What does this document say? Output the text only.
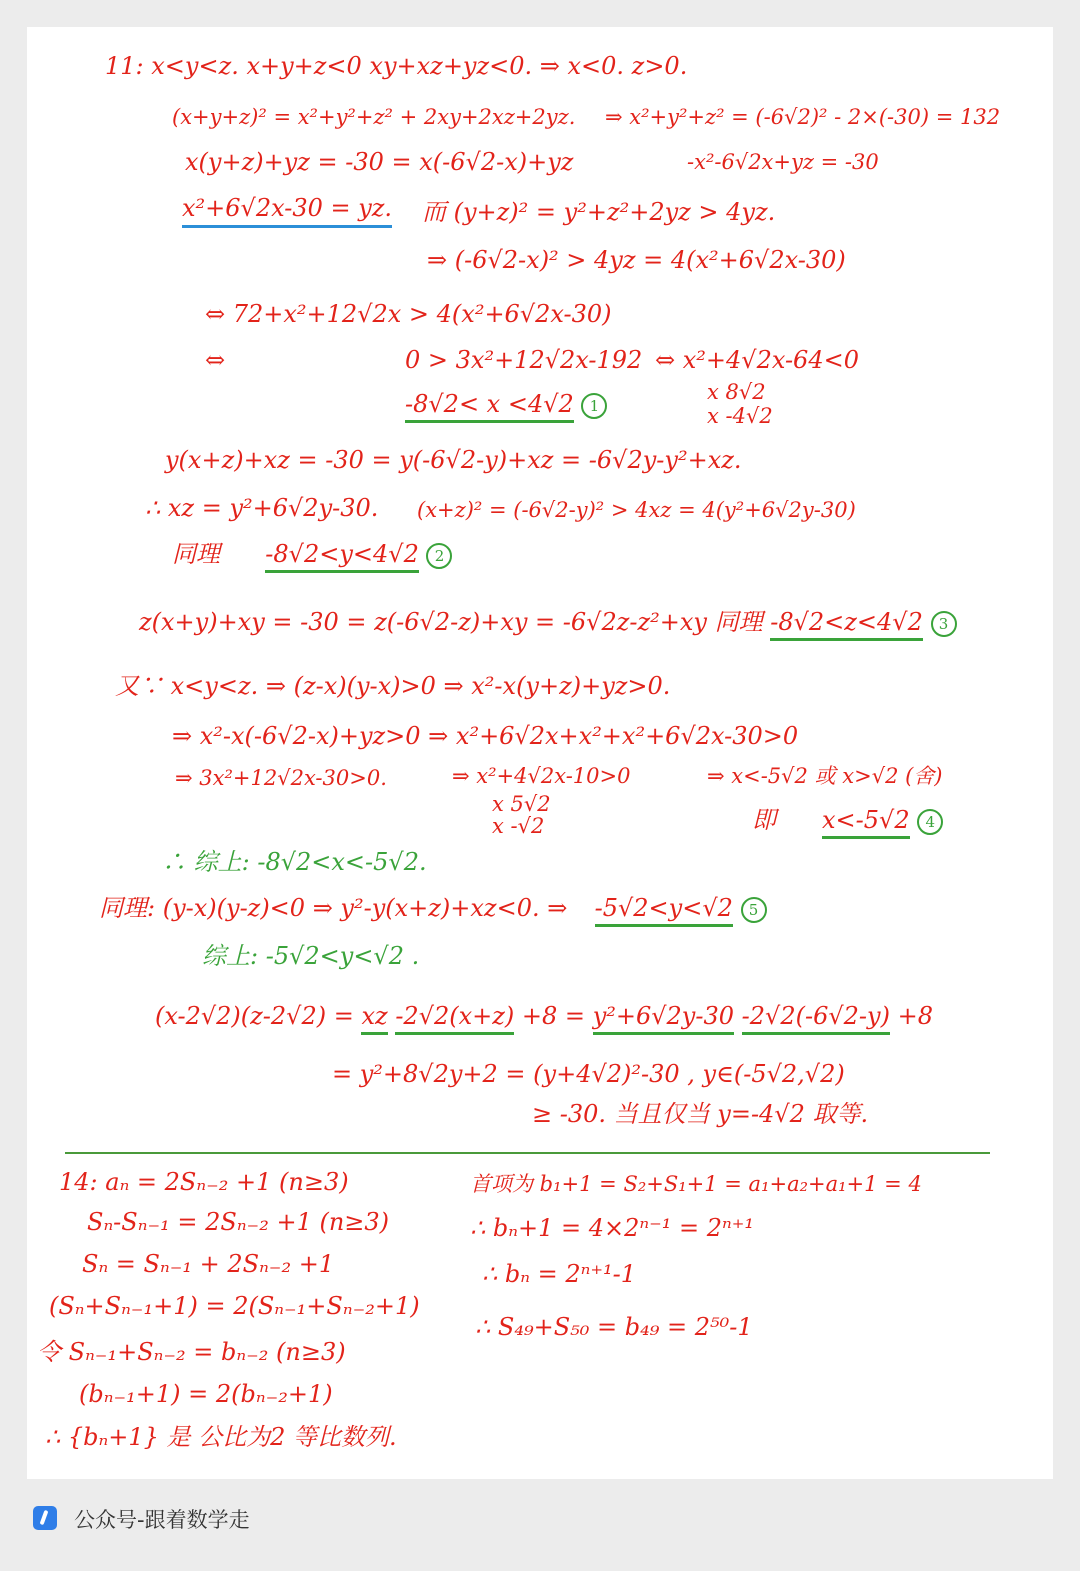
11: x<y<z. x+y+z<0 xy+xz+yz<0. ⇒ x<0. z>0.
(x+y+z)² = x²+y²+z² + 2xy+2xz+2yz. ⇒ x²+y²+z² = (-6√2)² - 2×(-30) = 132
x(y+z)+yz = -30 = x(-6√2-x)+yz	-x²-6√2x+yz = -30
x²+6√2x-30 = yz. 而 (y+z)² = y²+z²+2yz > 4yz.
⇒ (-6√2-x)² > 4yz = 4(x²+6√2x-30)
⇔ 72+x²+12√2x > 4(x²+6√2x-30)
⇔	0 > 3x²+12√2x-192 ⇔ x²+4√2x-64<0
-8√2< x <4√2 1
x 8√2
x -4√2
y(x+z)+xz = -30 = y(-6√2-y)+xz = -6√2y-y²+xz.
∴ xz = y²+6√2y-30. (x+z)² = (-6√2-y)² > 4xz = 4(y²+6√2y-30)
同理 -8√2<y<4√2 2
z(x+y)+xy = -30 = z(-6√2-z)+xy = -6√2z-z²+xy 同理 -8√2<z<4√2 3
又∵ x<y<z. ⇒ (z-x)(y-x)>0 ⇒ x²-x(y+z)+yz>0.
⇒ x²-x(-6√2-x)+yz>0 ⇒ x²+6√2x+x²+x²+6√2x-30>0
⇒ 3x²+12√2x-30>0.	⇒ x²+4√2x-10>0	⇒ x<-5√2 或 x>√2 (舍)
x 5√2
x -√2	即 x<-5√2 4
∴ 综上: -8√2<x<-5√2.
同理: (y-x)(y-z)<0 ⇒ y²-y(x+z)+xz<0. ⇒ -5√2<y<√2 5
综上: -5√2<y<√2 .
(x-2√2)(z-2√2) = xz -2√2(x+z) +8 = y²+6√2y-30 -2√2(-6√2-y) +8
= y²+8√2y+2 = (y+4√2)²-30 , y∈(-5√2,√2)
≥ -30. 当且仅当 y=-4√2 取等.
14: aₙ = 2Sₙ₋₂ +1 (n≥3)
Sₙ-Sₙ₋₁ = 2Sₙ₋₂ +1 (n≥3)
Sₙ = Sₙ₋₁ + 2Sₙ₋₂ +1
(Sₙ+Sₙ₋₁+1) = 2(Sₙ₋₁+Sₙ₋₂+1)
令 Sₙ₋₁+Sₙ₋₂ = bₙ₋₂ (n≥3)
(bₙ₋₁+1) = 2(bₙ₋₂+1)
∴ {bₙ+1} 是 公比为2 等比数列.
首项为 b₁+1 = S₂+S₁+1 = a₁+a₂+a₁+1 = 4
∴ bₙ+1 = 4×2ⁿ⁻¹ = 2ⁿ⁺¹
∴ bₙ = 2ⁿ⁺¹-1
∴ S₄₉+S₅₀ = b₄₉ = 2⁵⁰-1
公众号-跟着数学走
